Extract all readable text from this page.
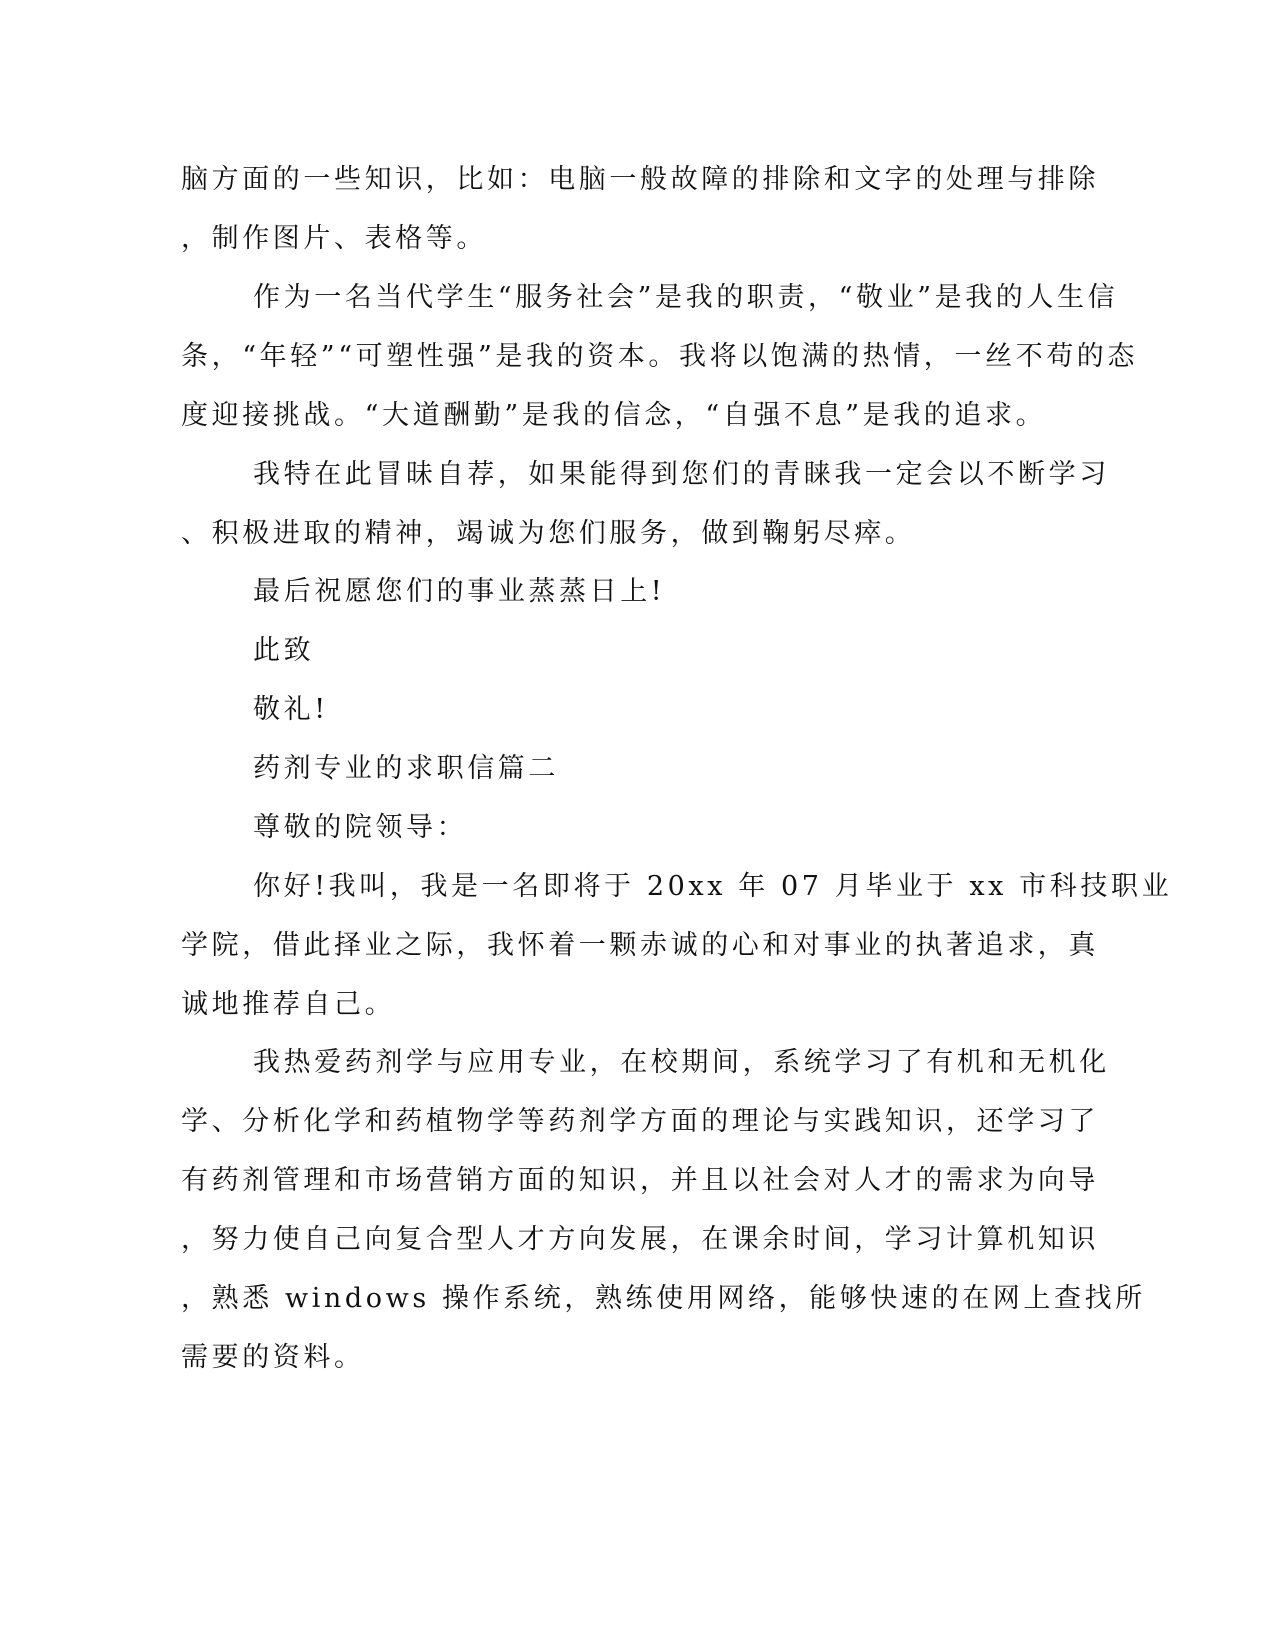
脑方面的一些知识，比如：电脑一般故障的排除和文字的处理与排除
，制作图片、表格等。
作为一名当代学生“服务社会”是我的职责，“敬业”是我的人生信
条，“年轻”“可塑性强”是我的资本。我将以饱满的热情，一丝不苟的态
度迎接挑战。“大道酬勤”是我的信念，“自强不息”是我的追求。
我特在此冒昧自荐，如果能得到您们的青睐我一定会以不断学习
、积极进取的精神，竭诚为您们服务，做到鞠躬尽瘁。
最后祝愿您们的事业蒸蒸日上!
此致
敬礼!
药剂专业的求职信篇二
尊敬的院领导：
你好!我叫，我是一名即将于 20xx 年 07 月毕业于 xx 市科技职业
学院，借此择业之际，我怀着一颗赤诚的心和对事业的执著追求，真
诚地推荐自己。
我热爱药剂学与应用专业，在校期间，系统学习了有机和无机化
学、分析化学和药植物学等药剂学方面的理论与实践知识，还学习了
有药剂管理和市场营销方面的知识，并且以社会对人才的需求为向导
，努力使自己向复合型人才方向发展，在课余时间，学习计算机知识
，熟悉 windows 操作系统，熟练使用网络，能够快速的在网上查找所
需要的资料。
